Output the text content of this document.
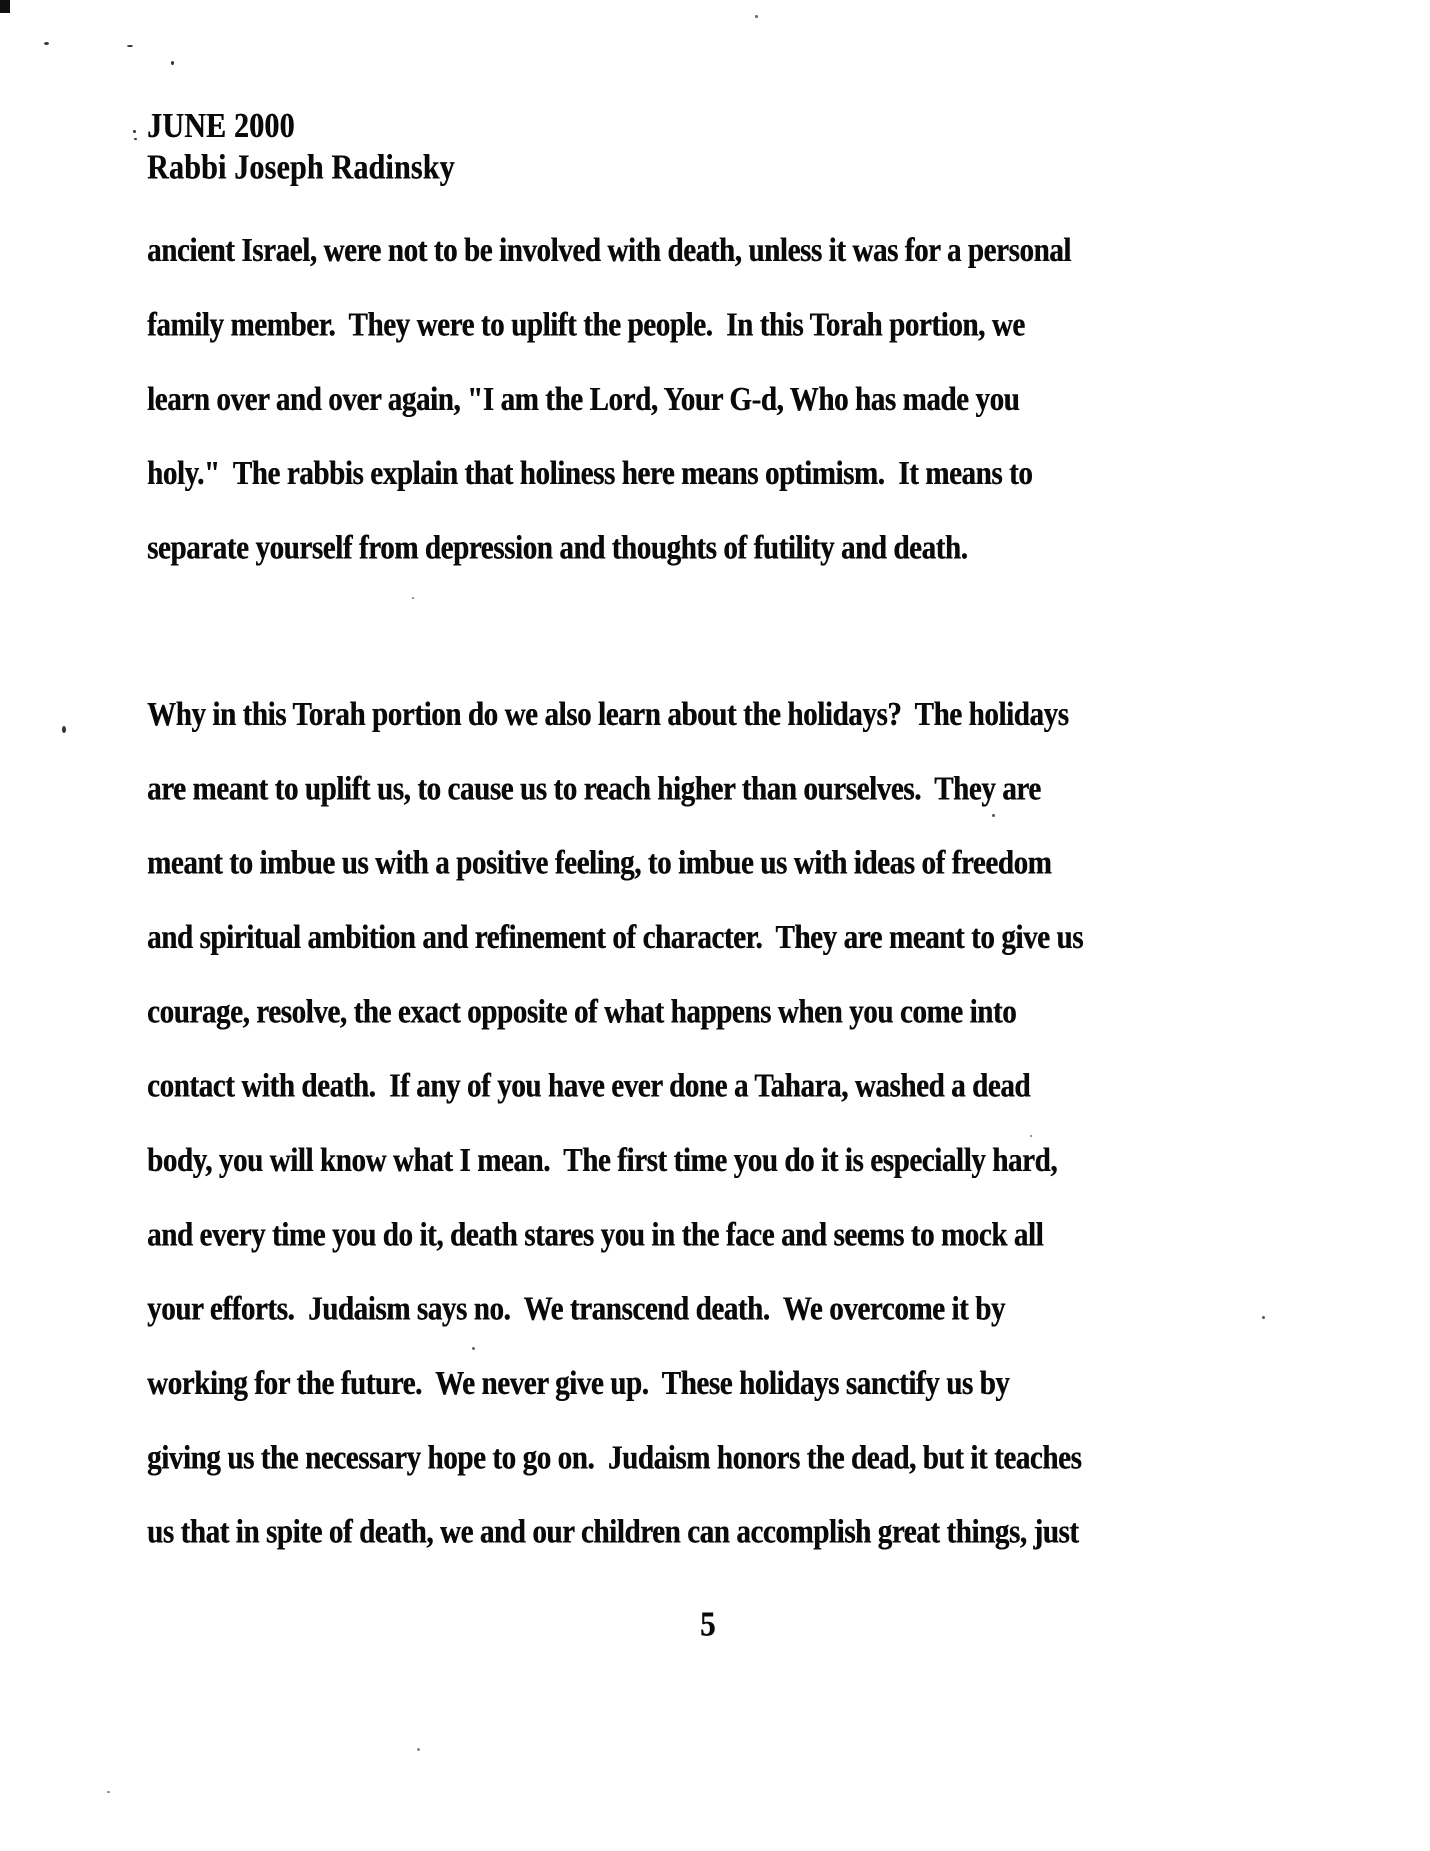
JUNE 2000
Rabbi Joseph Radinsky
ancient Israel, were not to be involved with death, unless it was for a personal
family member.  They were to uplift the people.  In this Torah portion, we
learn over and over again, "I am the Lord, Your G-d, Who has made you
holy."  The rabbis explain that holiness here means optimism.  It means to
separate yourself from depression and thoughts of futility and death.
Why in this Torah portion do we also learn about the holidays?  The holidays
are meant to uplift us, to cause us to reach higher than ourselves.  They are
meant to imbue us with a positive feeling, to imbue us with ideas of freedom
and spiritual ambition and refinement of character.  They are meant to give us
courage, resolve, the exact opposite of what happens when you come into
contact with death.  If any of you have ever done a Tahara, washed a dead
body, you will know what I mean.  The first time you do it is especially hard,
and every time you do it, death stares you in the face and seems to mock all
your efforts.  Judaism says no.  We transcend death.  We overcome it by
working for the future.  We never give up.  These holidays sanctify us by
giving us the necessary hope to go on.  Judaism honors the dead, but it teaches
us that in spite of death, we and our children can accomplish great things, just
5
